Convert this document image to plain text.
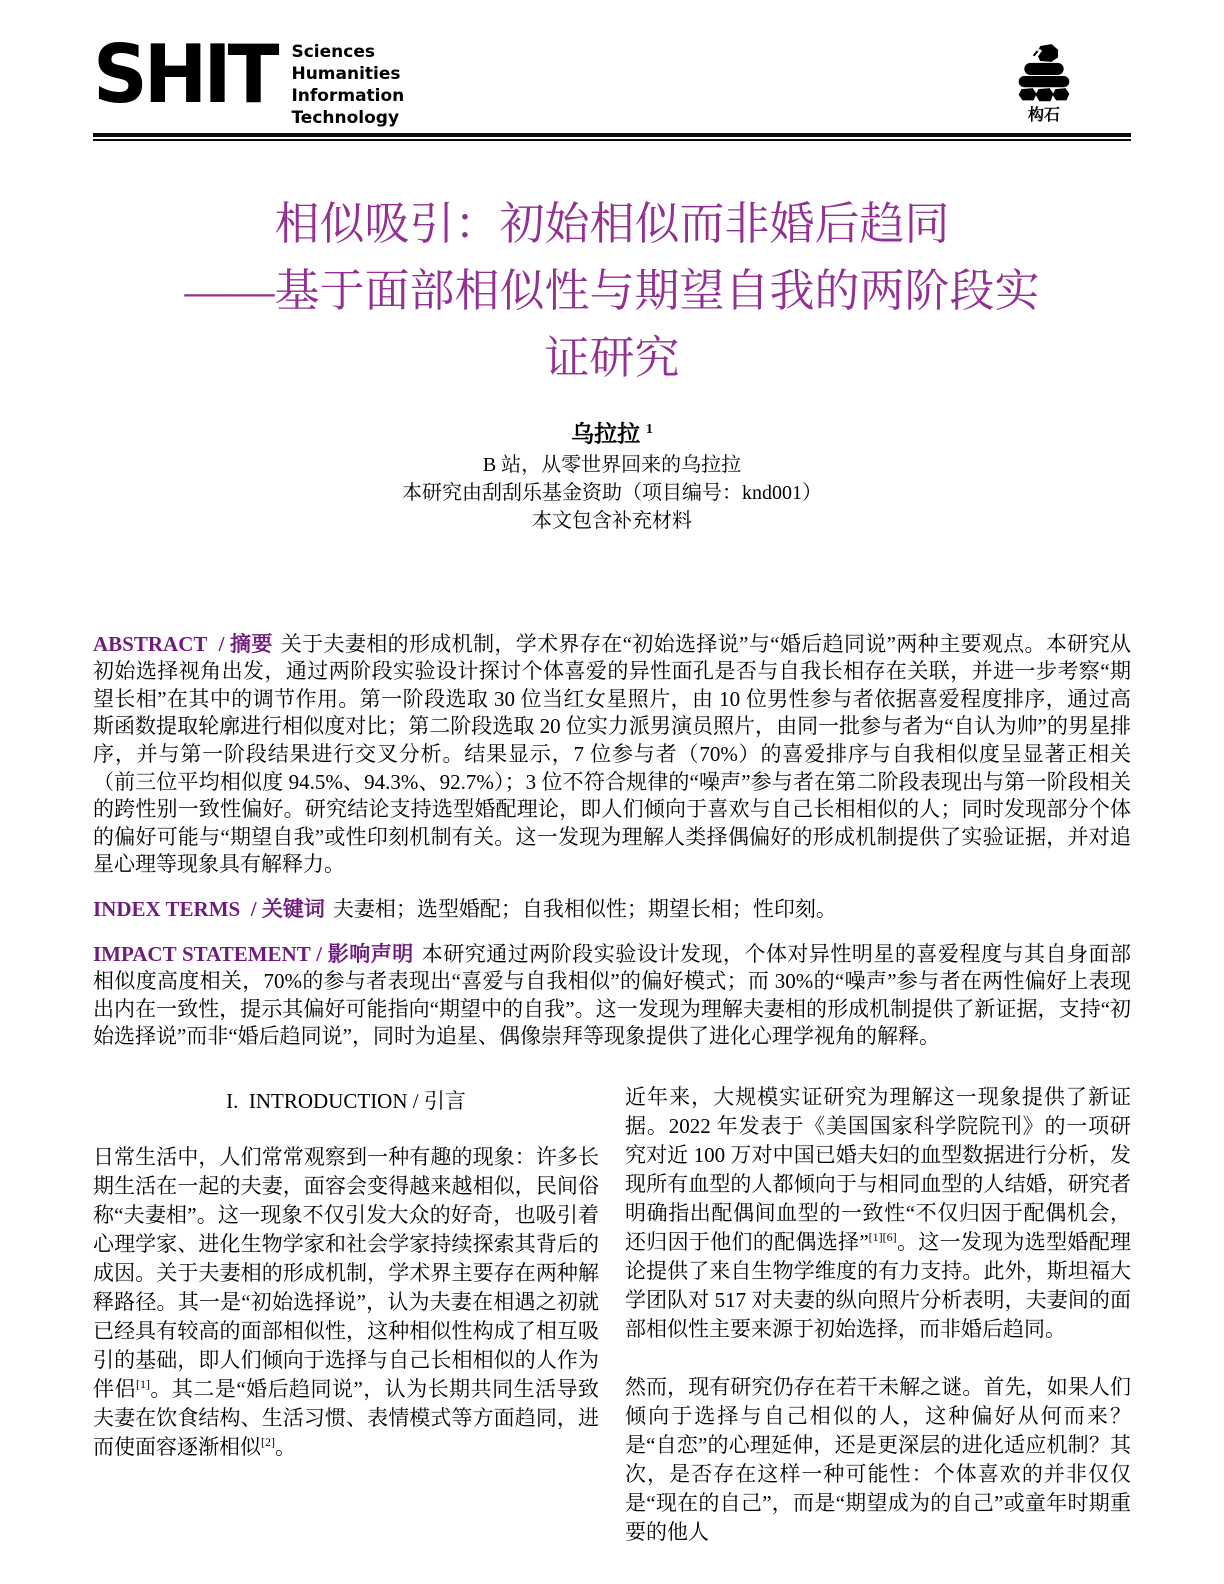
SHIT Sciences
Humanities
Information
Technology	构石
相似吸引：初始相似而非婚后趋同
——基于面部相似性与期望自我的两阶段实
证研究
乌拉拉 $^1$
B 站，从零世界回来的乌拉拉
本研究由刮刮乐基金资助（项目编号：knd001）
本文包含补充材料

ABSTRACT / 摘要 关于夫妻相的形成机制，学术界存在“初始选择说”与“婚后趋同说”两种主要观点。本研究从初始选择视角出发，通过两阶段实验设计探讨个体喜爱的异性面孔是否与自我长相存在关联，并进一步考察“期望长相”在其中的调节作用。第一阶段选取 30 位当红女星照片，由 10 位男性参与者依据喜爱程度排序，通过高斯函数提取轮廓进行相似度对比；第二阶段选取 20 位实力派男演员照片，由同一批参与者为“自认为帅”的男星排序，并与第一阶段结果进行交叉分析。结果显示，7 位参与者（70%）的喜爱排序与自我相似度呈显著正相关（前三位平均相似度 94.5%、94.3%、92.7%）；3 位不符合规律的“噪声”参与者在第二阶段表现出与第一阶段相关的跨性别一致性偏好。研究结论支持选型婚配理论，即人们倾向于喜欢与自己长相相似的人；同时发现部分个体的偏好可能与“期望自我”或性印刻机制有关。这一发现为理解人类择偶偏好的形成机制提供了实验证据，并对追星心理等现象具有解释力。

INDEX TERMS / 关键词 夫妻相；选型婚配；自我相似性；期望长相；性印刻。

IMPACT STATEMENT / 影响声明 本研究通过两阶段实验设计发现，个体对异性明星的喜爱程度与其自身面部相似度高度相关，70%的参与者表现出“喜爱与自我相似”的偏好模式；而 30%的“噪声”参与者在两性偏好上表现出内在一致性，提示其偏好可能指向“期望中的自我”。这一发现为理解夫妻相的形成机制提供了新证据，支持“初始选择说”而非“婚后趋同说”，同时为追星、偶像崇拜等现象提供了进化心理学视角的解释。

I.  INTRODUCTION / 引言

日常生活中，人们常常观察到一种有趣的现象：许多长期生活在一起的夫妻，面容会变得越来越相似，民间俗称“夫妻相”。这一现象不仅引发大众的好奇，也吸引着心理学家、进化生物学家和社会学家持续探索其背后的成因。关于夫妻相的形成机制，学术界主要存在两种解释路径。其一是“初始选择说”，认为夫妻在相遇之初就已经具有较高的面部相似性，这种相似性构成了相互吸引的基础，即人们倾向于选择与自己长相相似的人作为伴侣[1]。其二是“婚后趋同说”，认为长期共同生活导致夫妻在饮食结构、生活习惯、表情模式等方面趋同，进而使面容逐渐相似[2]。

近年来，大规模实证研究为理解这一现象提供了新证据。2022 年发表于《美国国家科学院院刊》的一项研究对近 100 万对中国已婚夫妇的血型数据进行分析，发现所有血型的人都倾向于与相同血型的人结婚，研究者明确指出配偶间血型的一致性“不仅归因于配偶机会，还归因于他们的配偶选择”[1][6]。这一发现为选型婚配理论提供了来自生物学维度的有力支持。此外，斯坦福大学团队对 517 对夫妻的纵向照片分析表明，夫妻间的面部相似性主要来源于初始选择，而非婚后趋同。

然而，现有研究仍存在若干未解之谜。首先，如果人们倾向于选择与自己相似的人，这种偏好从何而来？是“自恋”的心理延伸，还是更深层的进化适应机制？其次，是否存在这样一种可能性：个体喜欢的并非仅仅是“现在的自己”，而是“期望成为的自己”或童年时期重要的他人
